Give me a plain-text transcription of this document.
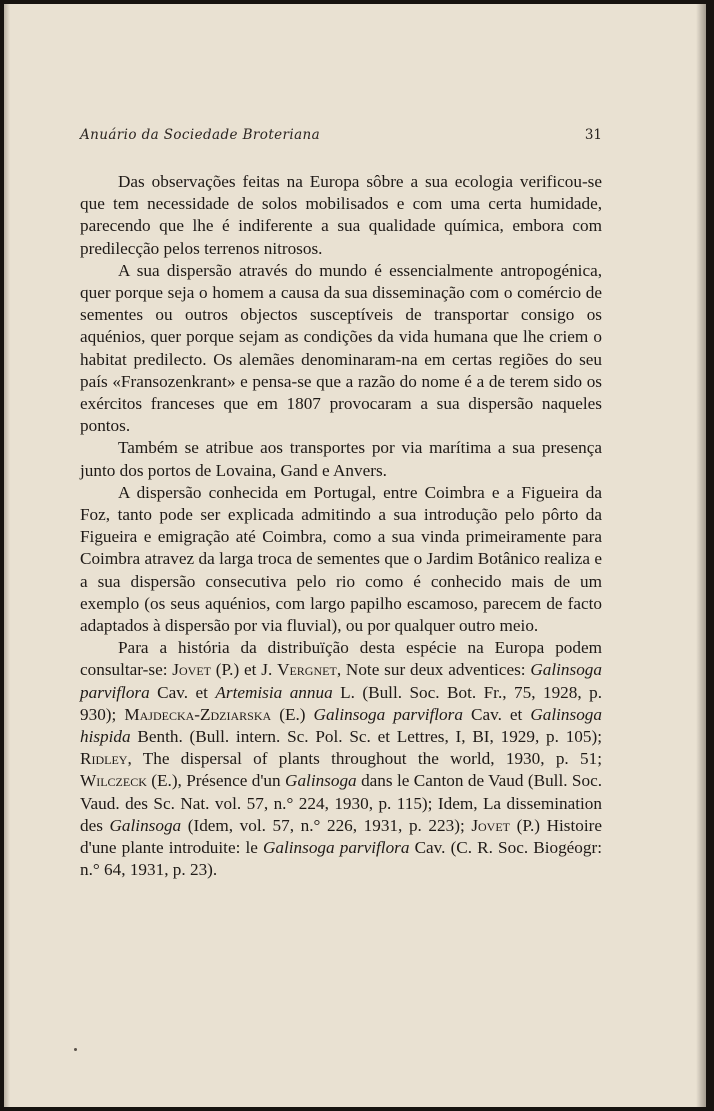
Anuário da Sociedade Broteriana	31

Das observações feitas na Europa sôbre a sua ecologia verificou-se que tem necessidade de solos mobilisados e com uma certa humidade, parecendo que lhe é indiferente a sua qualidade química, embora com predilecção pelos terrenos nitrosos.

A sua dispersão através do mundo é essencialmente antropogénica, quer porque seja o homem a causa da sua disseminação com o comércio de sementes ou outros objectos susceptíveis de transportar consigo os aquénios, quer porque sejam as condições da vida humana que lhe criem o habitat predilecto. Os alemães denominaram-na em certas regiões do seu país «Fransozenkrant» e pensa-se que a razão do nome é a de terem sido os exércitos franceses que em 1807 provocaram a sua dispersão naqueles pontos.

Também se atribue aos transportes por via marítima a sua presença junto dos portos de Lovaina, Gand e Anvers.

A dispersão conhecida em Portugal, entre Coimbra e a Figueira da Foz, tanto pode ser explicada admitindo a sua introdução pelo pôrto da Figueira e emigração até Coimbra, como a sua vinda primeiramente para Coimbra atravez da larga troca de sementes que o Jardim Botânico realiza e a sua dispersão consecutiva pelo rio como é conhecido mais de um exemplo (os seus aquénios, com largo papilho escamoso, parecem de facto adaptados à dispersão por via fluvial), ou por qualquer outro meio.

Para a história da distribuïção desta espécie na Europa podem consultar-se: Jovet (P.) et J. Vergnet, Note sur deux adventices: Galinsoga parviflora Cav. et Artemisia annua L. (Bull. Soc. Bot. Fr., 75, 1928, p. 930); Majdecka-Zdziarska (E.) Galinsoga parviflora Cav. et Galinsoga hispida Benth. (Bull. intern. Sc. Pol. Sc. et Lettres, I, BI, 1929, p. 105); Ridley, The dispersal of plants throughout the world, 1930, p. 51; Wilczeck (E.), Présence d'un Galinsoga dans le Canton de Vaud (Bull. Soc. Vaud. des Sc. Nat. vol. 57, n.° 224, 1930, p. 115); Idem, La dissemination des Galinsoga (Idem, vol. 57, n.° 226, 1931, p. 223); Jovet (P.) Histoire d'une plante introduite: le Galinsoga parviflora Cav. (C. R. Soc. Biogéogr: n.° 64, 1931, p. 23).
